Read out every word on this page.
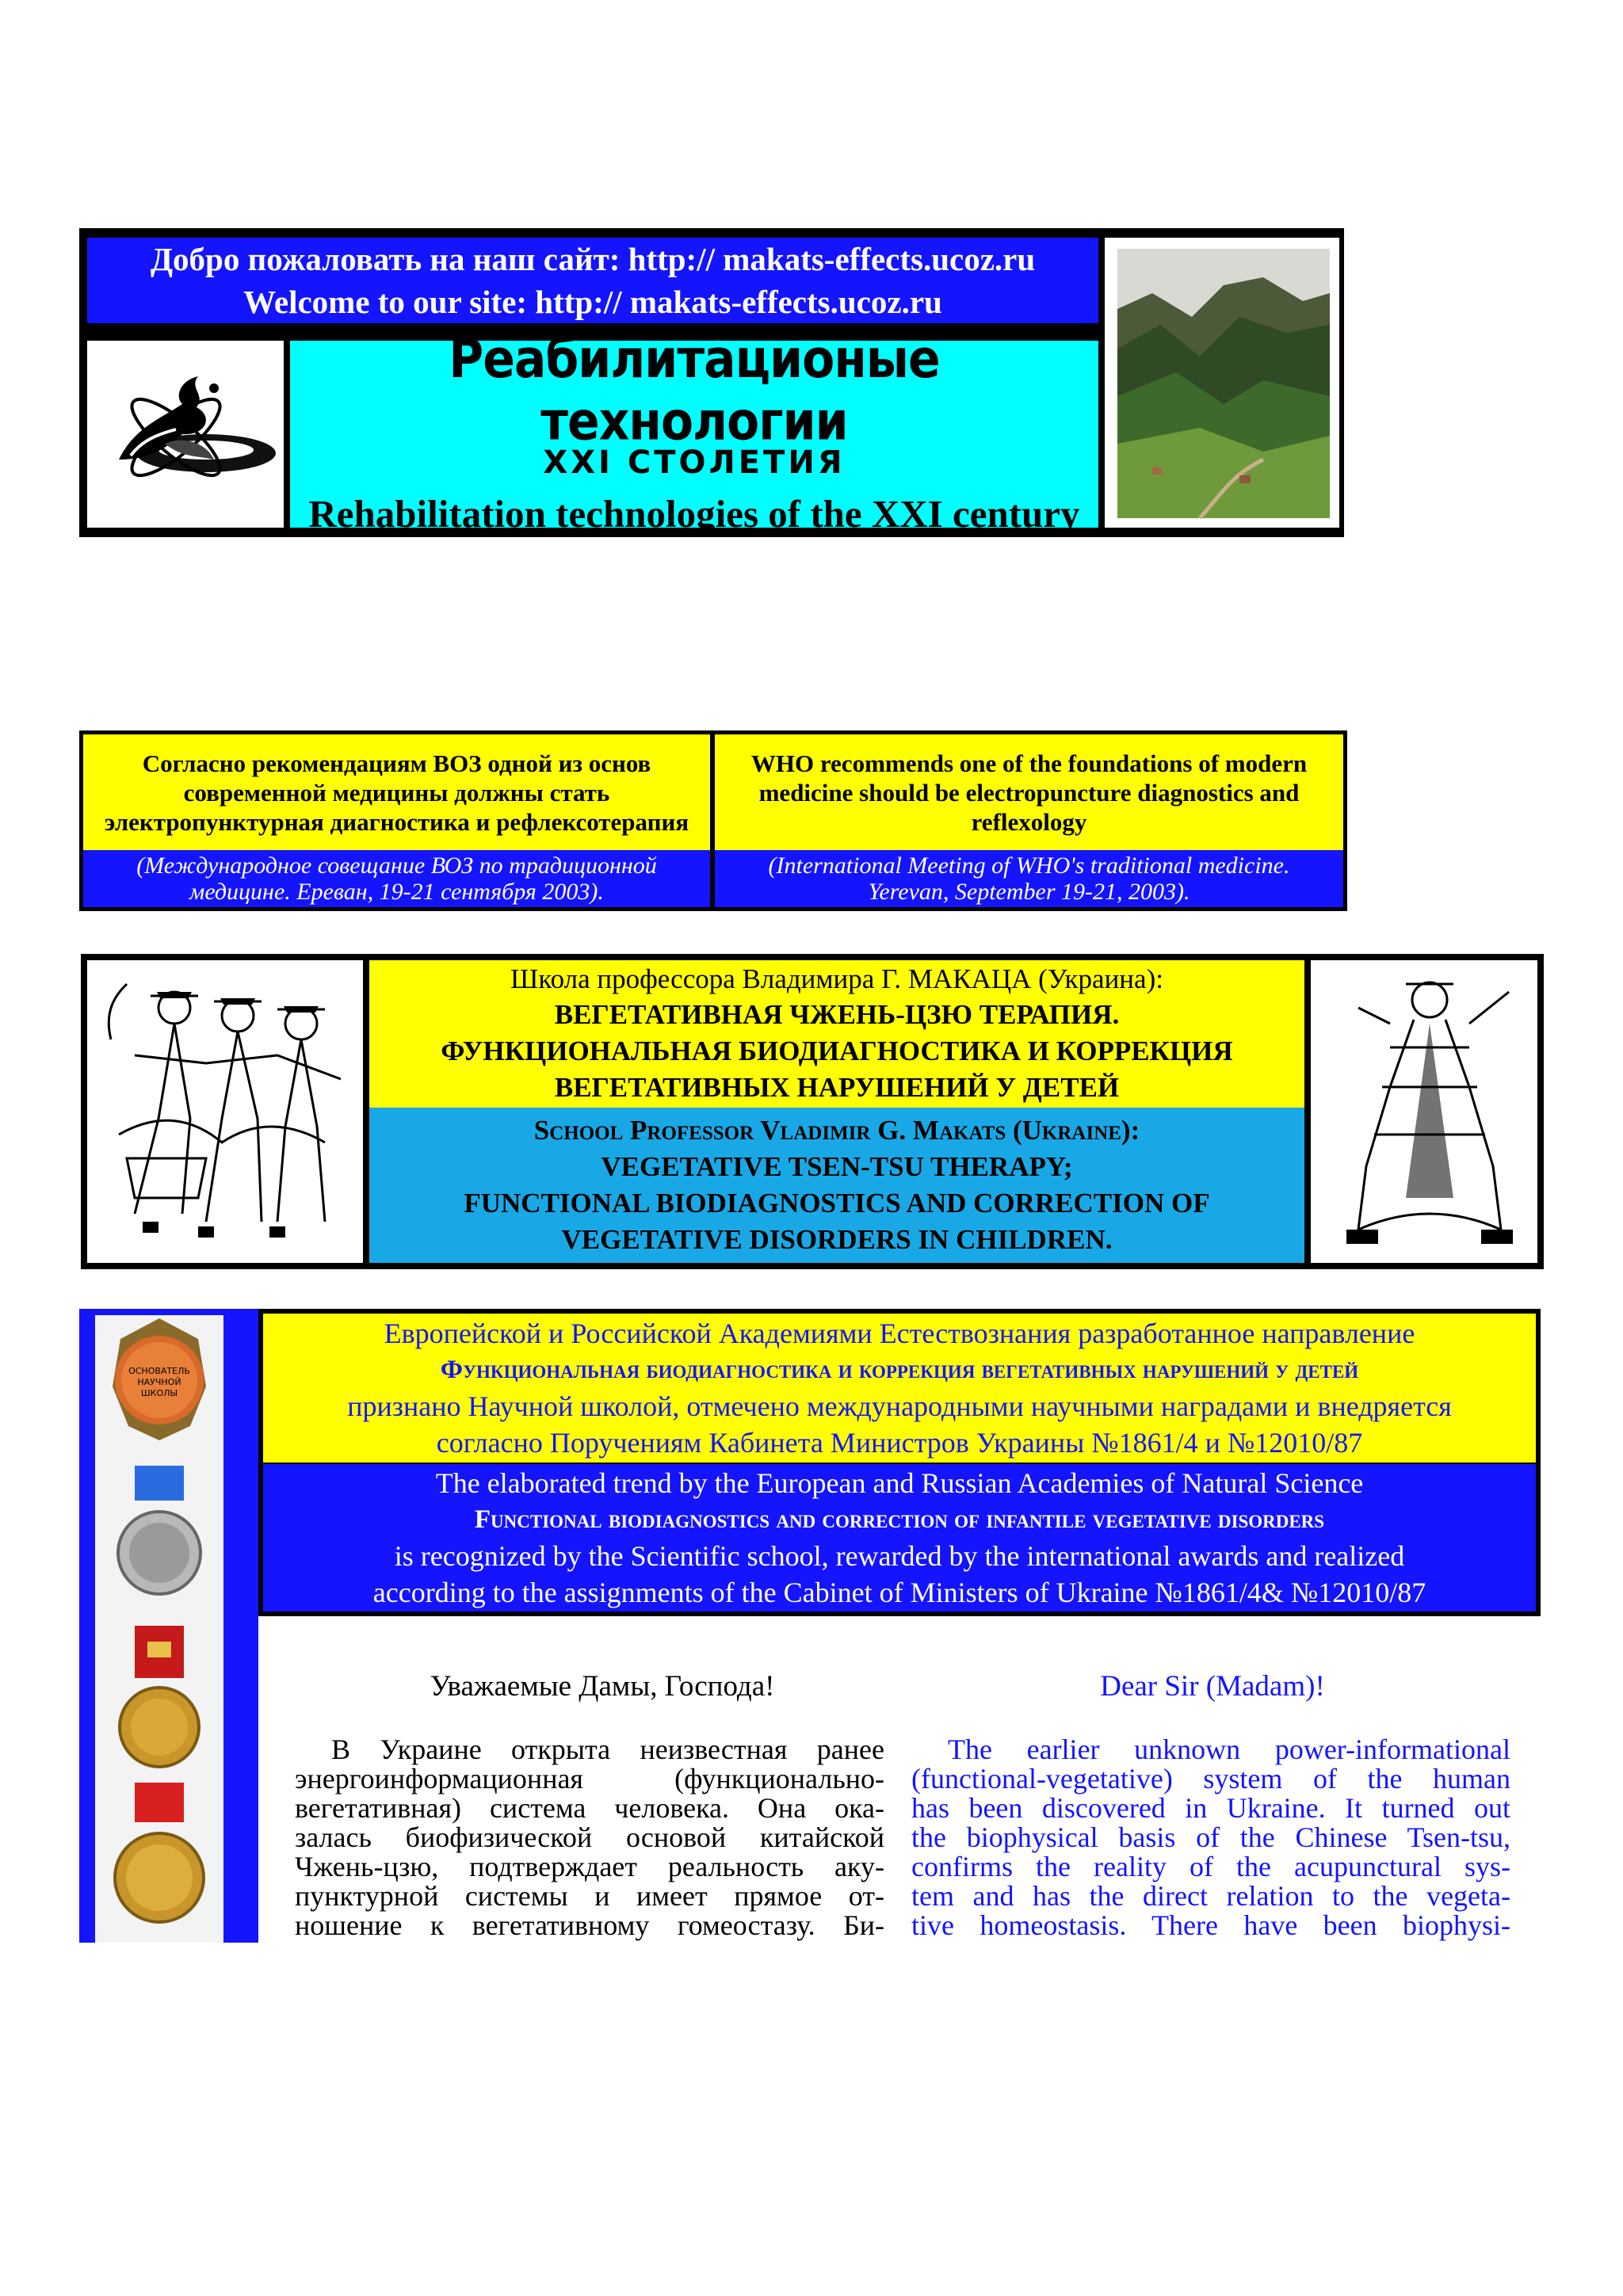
Добро пожаловать на наш сайт: http:// makats-effects.ucoz.ru
Welcome to our site: http:// makats-effects.ucoz.ru
Реабилитационые технологии
XXI СТОЛЕТИЯ
Rehabilitation technologies of the XXI century
Согласно рекомендациям ВОЗ одной из основ современной медицины должны стать электропунктурная диагностика и рефлексотерапия
WHO recommends one of the foundations of modern medicine should be electropuncture diagnostics and reflexology
(Международное совещание ВОЗ по традиционной медицине. Ереван, 19-21 сентября 2003).
(International Meeting of WHO's traditional medicine.
Yerevan, September 19-21, 2003).
Школа профессора Владимира Г. МАКАЦА (Украина):
ВЕГЕТАТИВНАЯ ЧЖЕНЬ-ЦЗЮ ТЕРАПИЯ.
ФУНКЦИОНАЛЬНАЯ БИОДИАГНОСТИКА И КОРРЕКЦИЯ
ВЕГЕТАТИВНЫХ НАРУШЕНИЙ У ДЕТЕЙ
School Professor Vladimir G. Makats (Ukraine):
VEGETATIVE TSEN-TSU THERAPY;
FUNCTIONAL BIODIAGNOSTICS AND CORRECTION OF
VEGETATIVE DISORDERS IN CHILDREN.
ОСНОВАТЕЛЬ
НАУЧНОЙ
ШКОЛЫ
Европейской и Российской Академиями Естествознания разработанное направление
Функциональная биодиагностика и коррекция вегетативных нарушений у детей
признано Научной школой, отмечено международными научными наградами и внедряется
согласно Поручениям Кабинета Министров Украины №1861/4 и №12010/87
The elaborated trend by the European and Russian Academies of Natural Science
Functional biodiagnostics and correction of infantile vegetative disorders
is recognized by the Scientific school, rewarded by the international awards and realized
according to the assignments of the Cabinet of Ministers of Ukraine №1861/4& №12010/87
Уважаемые Дамы, Господа!	Dear Sir (Madam)!
В Украине открыта неизвестная ранее
энергоинформационная (функционально-
вегетативная) система человека. Она ока-
залась биофизической основой китайской
Чжень-цзю, подтверждает реальность аку-
пунктурной системы и имеет прямое от-
ношение к вегетативному гомеостазу. Би-
The earlier unknown power-informational
(functional-vegetative) system of the human
has been discovered in Ukraine. It turned out
the biophysical basis of the Chinese Tsen-tsu,
confirms the reality of the acupunctural sys-
tem and has the direct relation to the vegeta-
tive homeostasis. There have been biophysi-
